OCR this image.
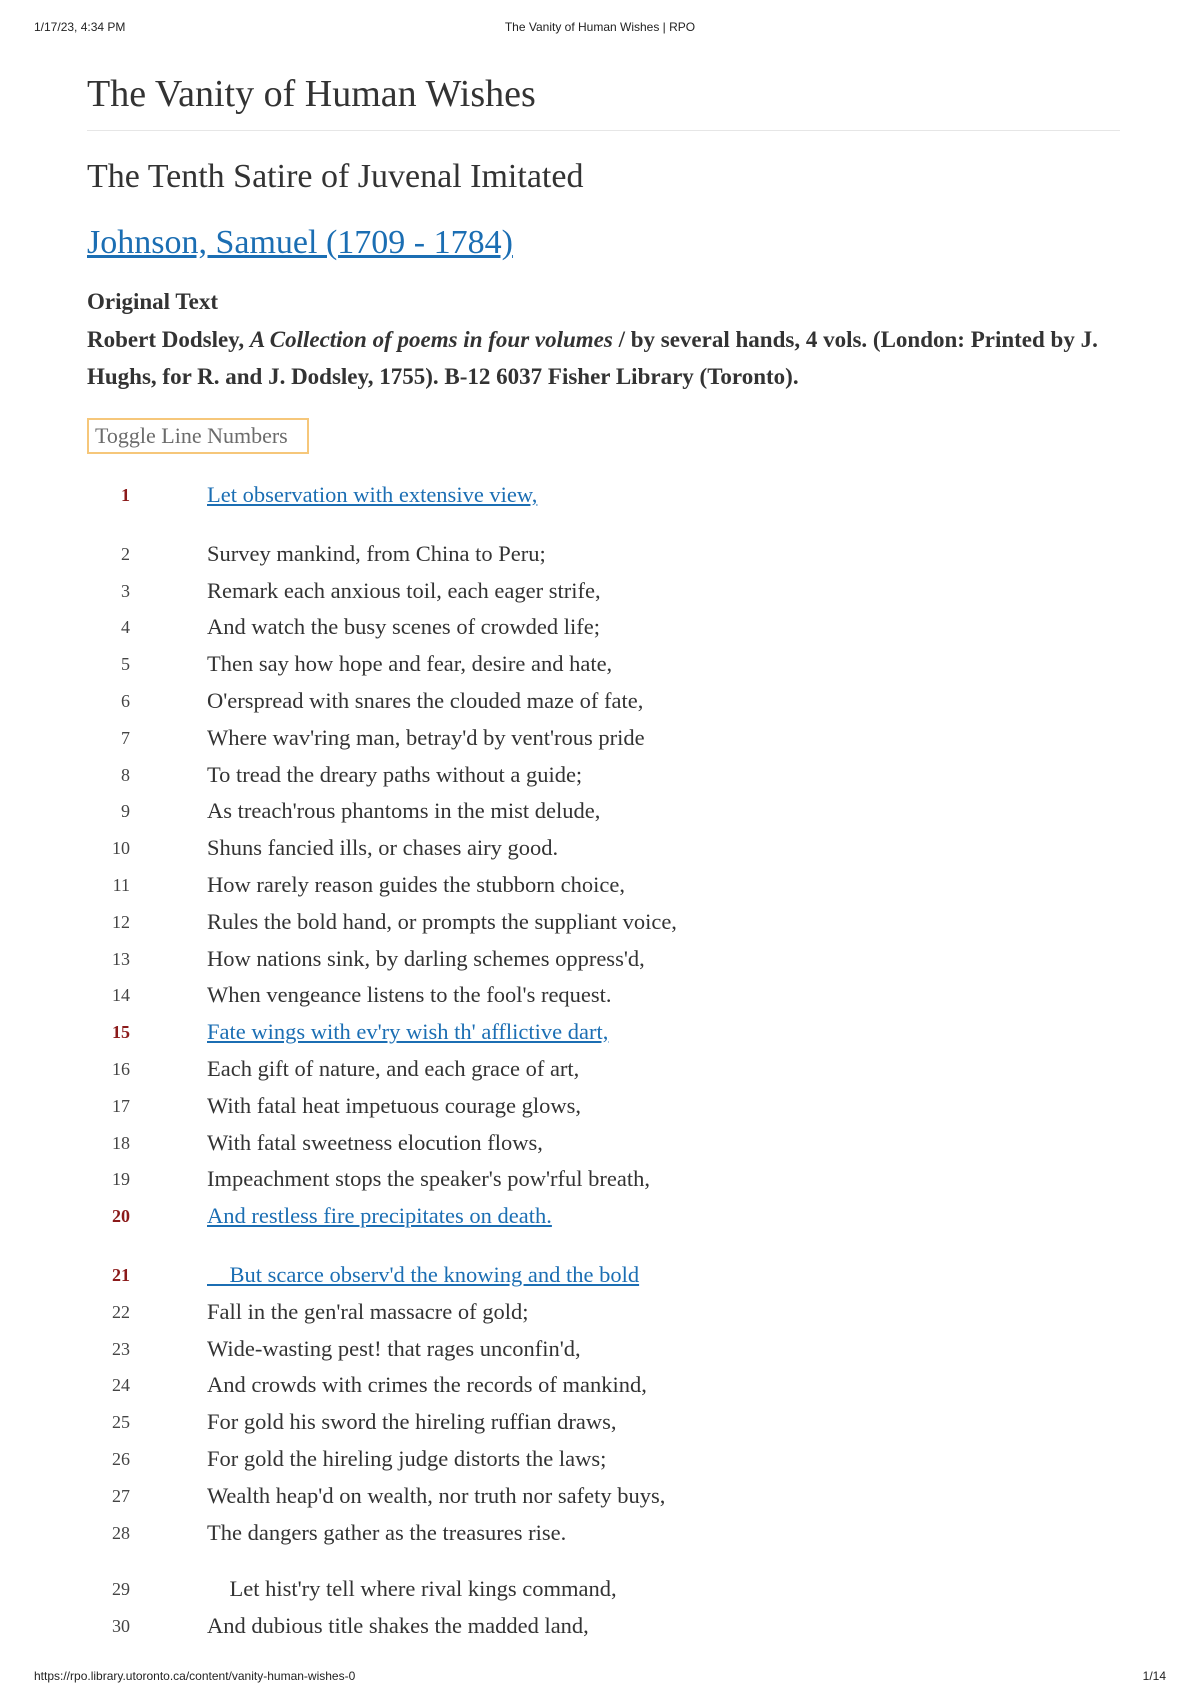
1/17/23, 4:34 PM	The Vanity of Human Wishes | RPO
The Vanity of Human Wishes
The Tenth Satire of Juvenal Imitated
Johnson, Samuel (1709 - 1784)
Original Text
Robert Dodsley, A Collection of poems in four volumes / by several hands, 4 vols. (London: Printed by J. Hughs, for R. and J. Dodsley, 1755). B-12 6037 Fisher Library (Toronto).
Toggle Line Numbers
1	Let observation with extensive view,
2	Survey mankind, from China to Peru;
3	Remark each anxious toil, each eager strife,
4	And watch the busy scenes of crowded life;
5	Then say how hope and fear, desire and hate,
6	O'erspread with snares the clouded maze of fate,
7	Where wav'ring man, betray'd by vent'rous pride
8	To tread the dreary paths without a guide;
9	As treach'rous phantoms in the mist delude,
10	Shuns fancied ills, or chases airy good.
11	How rarely reason guides the stubborn choice,
12	Rules the bold hand, or prompts the suppliant voice,
13	How nations sink, by darling schemes oppress'd,
14	When vengeance listens to the fool's request.
15	Fate wings with ev'ry wish th' afflictive dart,
16	Each gift of nature, and each grace of art,
17	With fatal heat impetuous courage glows,
18	With fatal sweetness elocution flows,
19	Impeachment stops the speaker's pow'rful breath,
20	And restless fire precipitates on death.
21	But scarce observ'd the knowing and the bold
22	Fall in the gen'ral massacre of gold;
23	Wide-wasting pest! that rages unconfin'd,
24	And crowds with crimes the records of mankind,
25	For gold his sword the hireling ruffian draws,
26	For gold the hireling judge distorts the laws;
27	Wealth heap'd on wealth, nor truth nor safety buys,
28	The dangers gather as the treasures rise.
29	Let hist'ry tell where rival kings command,
30	And dubious title shakes the madded land,
https://rpo.library.utoronto.ca/content/vanity-human-wishes-0	1/14
